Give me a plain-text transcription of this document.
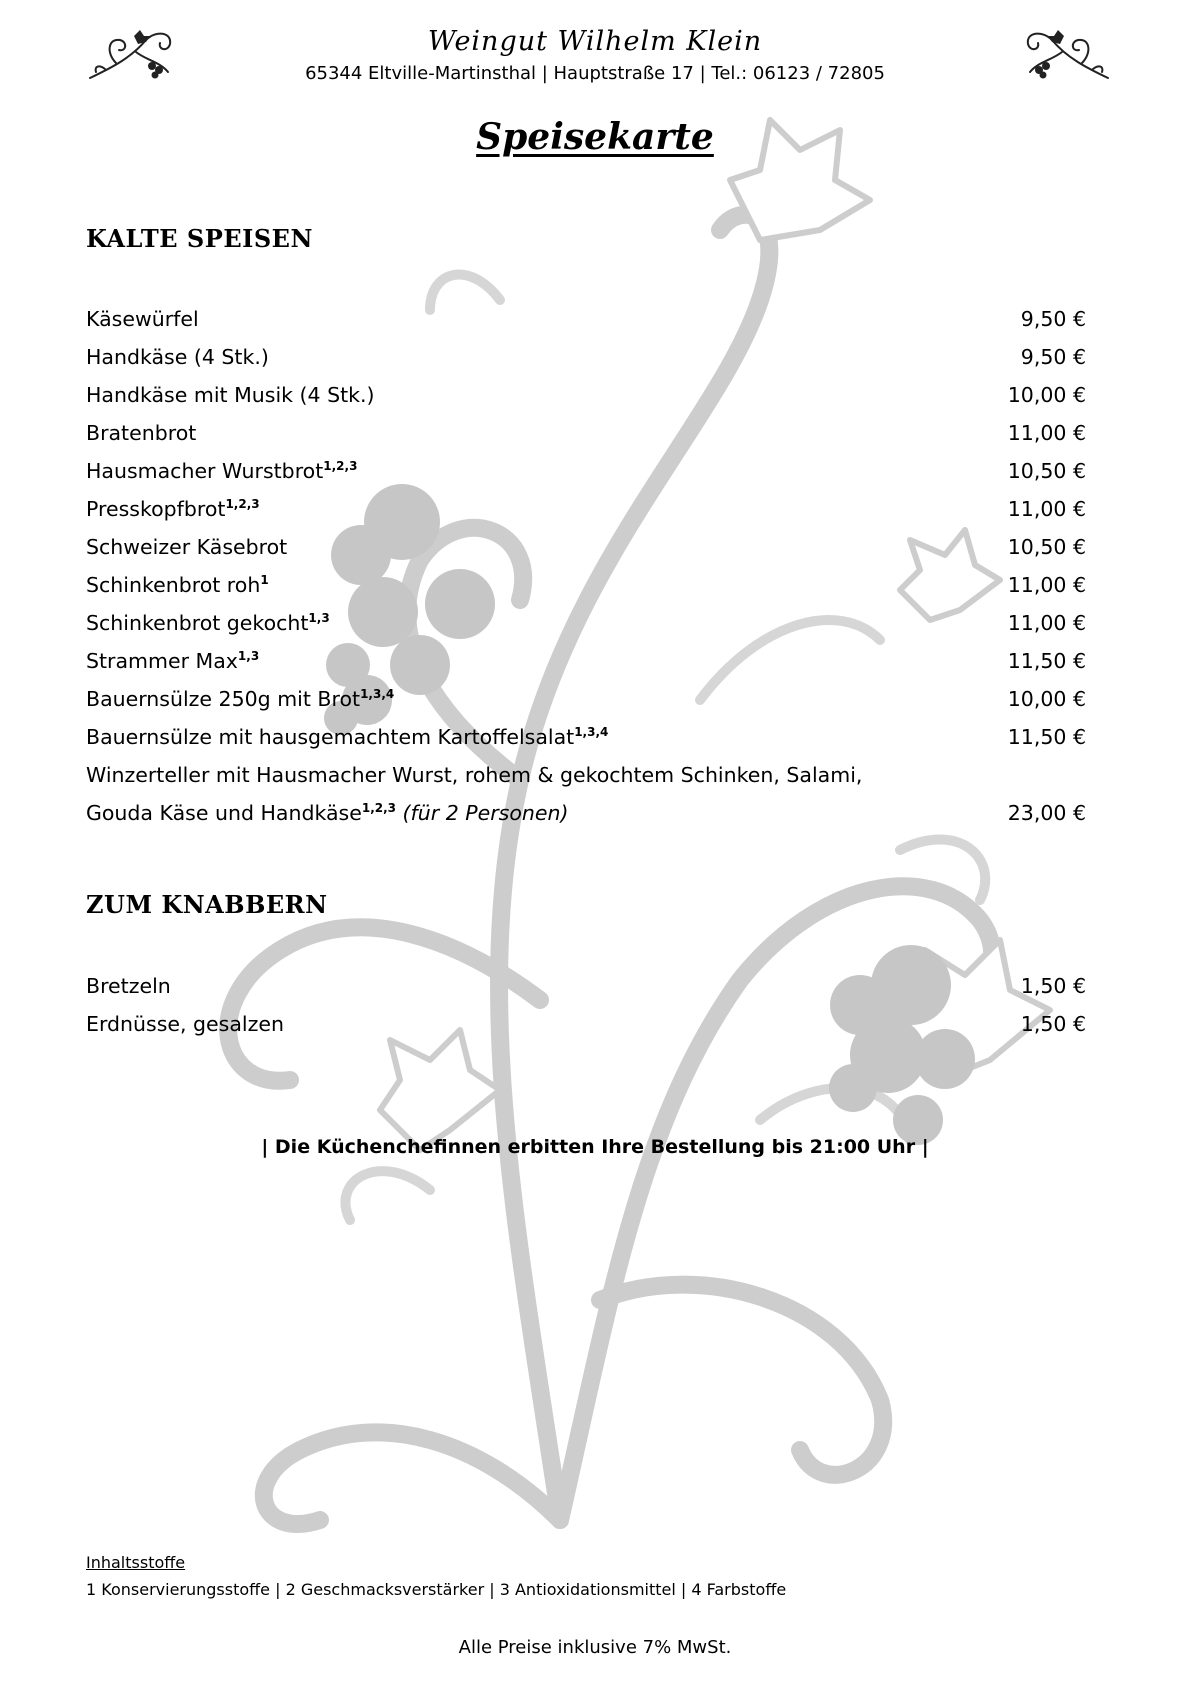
Weingut Wilhelm Klein
65344 Eltville-Martinsthal | Hauptstraße 17 | Tel.: 06123 / 72805
Speisekarte
KALTE SPEISEN
Käsewürfel	9,50 €
Handkäse (4 Stk.)	9,50 €
Handkäse mit Musik (4 Stk.)	10,00 €
Bratenbrot	11,00 €
Hausmacher Wurstbrot$^{1,2,3}$	10,50 €
Presskopfbrot$^{1,2,3}$	11,00 €
Schweizer Käsebrot	10,50 €
Schinkenbrot roh$^1$	11,00 €
Schinkenbrot gekocht$^{1,3}$	11,00 €
Strammer Max$^{1,3}$	11,50 €
Bauernsülze 250g mit Brot$^{1,3,4}$	10,00 €
Bauernsülze mit hausgemachtem Kartoffelsalat$^{1,3,4}$	11,50 €
Winzerteller mit Hausmacher Wurst, rohem & gekochtem Schinken, Salami,
Gouda Käse und Handkäse$^{1,2,3}$ (für 2 Personen)	23,00 €
ZUM KNABBERN
Bretzeln	1,50 €
Erdnüsse, gesalzen	1,50 €
| Die Küchenchefinnen erbitten Ihre Bestellung bis 21:00 Uhr |
Inhaltsstoffe
1 Konservierungsstoffe | 2 Geschmacksverstärker | 3 Antioxidationsmittel | 4 Farbstoffe
Alle Preise inklusive 7% MwSt.
